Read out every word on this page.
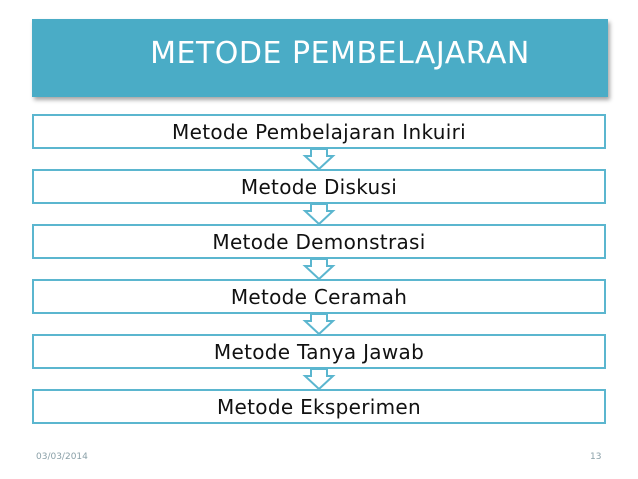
METODE PEMBELAJARAN
Metode Pembelajaran Inkuiri
Metode Diskusi
Metode Demonstrasi
Metode Ceramah
Metode Tanya Jawab
Metode Eksperimen
03/03/2014	13
